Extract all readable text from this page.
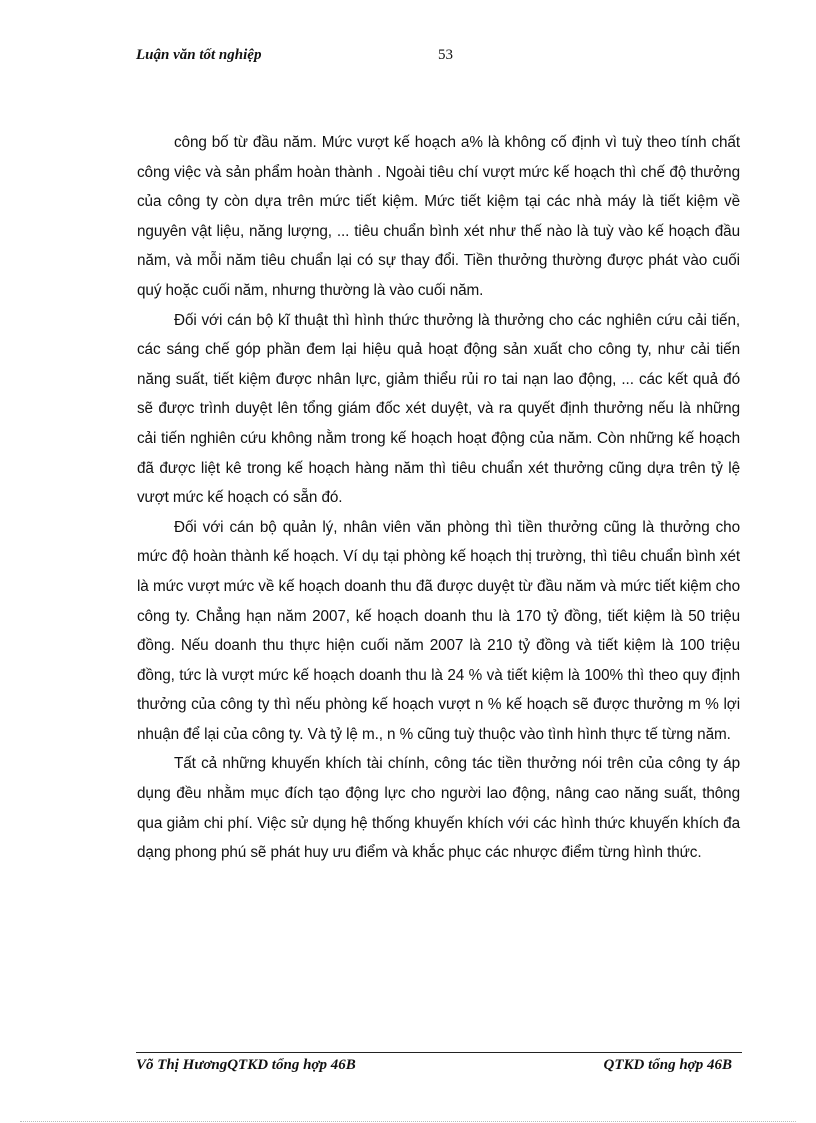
Luận văn tốt nghiệp	53

công bố từ đầu năm. Mức vượt kế hoạch a% là không cố định vì tuỳ theo tính chất công việc và sản phẩm hoàn thành . Ngoài tiêu chí vượt mức kế hoạch thì chế độ thưởng của công ty còn dựa trên mức tiết kiệm. Mức tiết kiệm tại các nhà máy là tiết kiệm về nguyên vật liệu, năng lượng, ... tiêu chuẩn bình xét như thế nào là tuỳ vào kế hoạch đầu năm, và mỗi năm tiêu chuẩn lại có sự thay đổi. Tiền thưởng thường được phát vào cuối quý hoặc cuối năm, nhưng thường là vào cuối năm.

Đối với cán bộ kĩ thuật thì hình thức thưởng là thưởng cho các nghiên cứu cải tiến, các sáng chế góp phần đem lại hiệu quả hoạt động sản xuất cho công ty, như cải tiến năng suất, tiết kiệm được nhân lực, giảm thiểu rủi ro tai nạn lao động, ... các kết quả đó sẽ được trình duyệt lên tổng giám đốc xét duyệt, và ra quyết định thưởng nếu là những cải tiến nghiên cứu không nằm trong kế hoạch hoạt động của năm. Còn những kế hoạch đã được liệt kê trong kế hoạch hàng năm thì tiêu chuẩn xét thưởng cũng dựa trên tỷ lệ vượt mức kế hoạch có sẵn đó.

Đối với cán bộ quản lý, nhân viên văn phòng thì tiền thưởng cũng là thưởng cho mức độ hoàn thành kế hoạch. Ví dụ tại phòng kế hoạch thị trường, thì tiêu chuẩn bình xét là mức vượt mức về kế hoạch doanh thu đã được duyệt từ đầu năm và mức tiết kiệm cho công ty. Chẳng hạn năm 2007, kế hoạch doanh thu là 170 tỷ đồng, tiết kiệm là 50 triệu đồng. Nếu doanh thu thực hiện cuối năm 2007 là 210 tỷ đồng và tiết kiệm là 100 triệu đồng, tức là vượt mức kế hoạch doanh thu là 24 % và tiết kiệm là 100% thì theo quy định thưởng của công ty thì nếu phòng kế hoạch vượt n % kế hoạch sẽ được thưởng m % lợi nhuận để lại của công ty. Và tỷ lệ m., n % cũng tuỳ thuộc vào tình hình thực tế từng năm.

Tất cả những khuyến khích tài chính, công tác tiền thưởng nói trên của công ty áp dụng đều nhằm mục đích tạo động lực cho người lao động, nâng cao năng suất, thông qua giảm chi phí. Việc sử dụng hệ thống khuyến khích với các hình thức khuyến khích đa dạng phong phú sẽ phát huy ưu điểm và khắc phục các nhược điểm từng hình thức.

Võ Thị HươngQTKD tổng hợp 46B	QTKD tổng hợp 46B
